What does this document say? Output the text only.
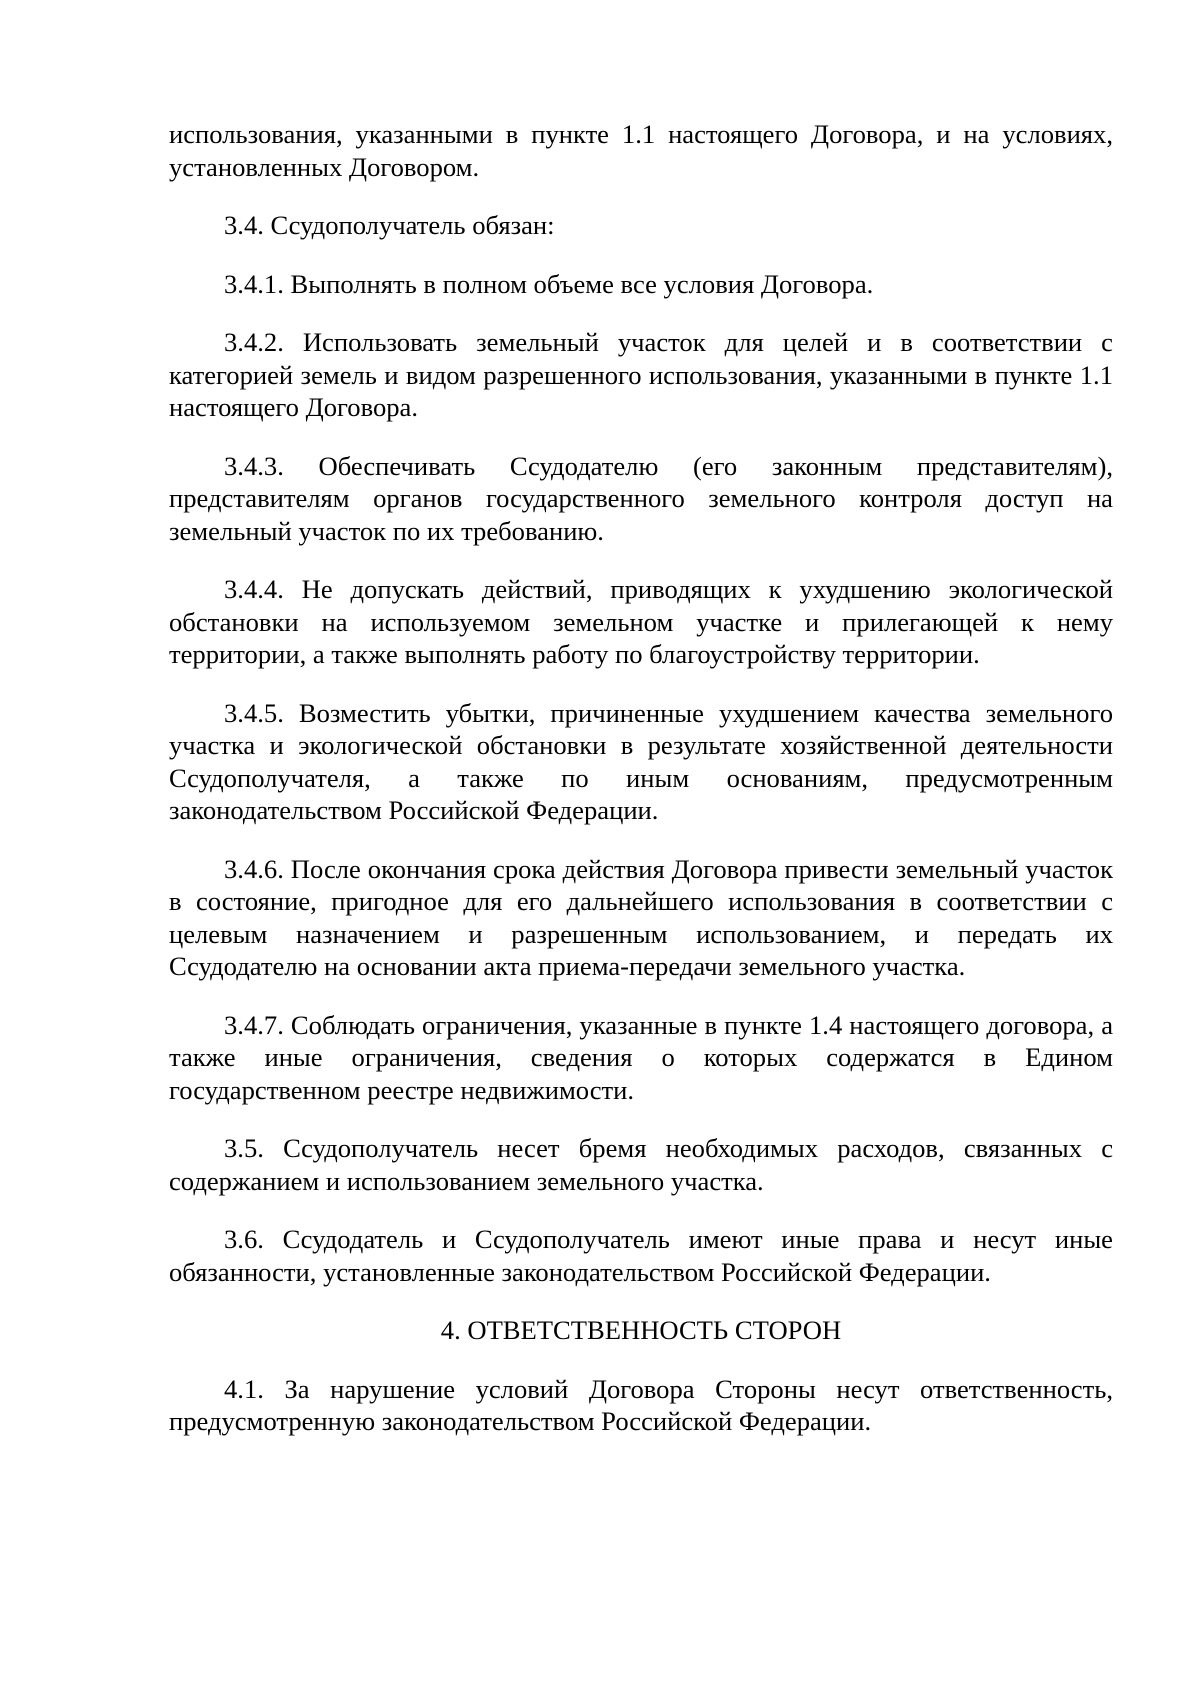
использования, указанными в пункте 1.1 настоящего Договора, и на условиях, установленных Договором.

3.4. Ссудополучатель обязан:

3.4.1. Выполнять в полном объеме все условия Договора.

3.4.2. Использовать земельный участок для целей и в соответствии с категорией земель и видом разрешенного использования, указанными в пункте 1.1 настоящего Договора.

3.4.3. Обеспечивать Ссудодателю (его законным представителям), представителям органов государственного земельного контроля доступ на земельный участок по их требованию.

3.4.4. Не допускать действий, приводящих к ухудшению экологической обстановки на используемом земельном участке и прилегающей к нему территории, а также выполнять работу по благоустройству территории.

3.4.5. Возместить убытки, причиненные ухудшением качества земельного участка и экологической обстановки в результате хозяйственной деятельности Ссудополучателя, а также по иным основаниям, предусмотренным законодательством Российской Федерации.

3.4.6. После окончания срока действия Договора привести земельный участок в состояние, пригодное для его дальнейшего использования в соответствии с целевым назначением и разрешенным использованием, и передать их Ссудодателю на основании акта приема-передачи земельного участка.

3.4.7. Соблюдать ограничения, указанные в пункте 1.4 настоящего договора, а также иные ограничения, сведения о которых содержатся в Едином государственном реестре недвижимости.

3.5. Ссудополучатель несет бремя необходимых расходов, связанных с содержанием и использованием земельного участка.

3.6. Ссудодатель и Ссудополучатель имеют иные права и несут иные обязанности, установленные законодательством Российской Федерации.

4. ОТВЕТСТВЕННОСТЬ СТОРОН

4.1. За нарушение условий Договора Стороны несут ответственность, предусмотренную законодательством Российской Федерации.
